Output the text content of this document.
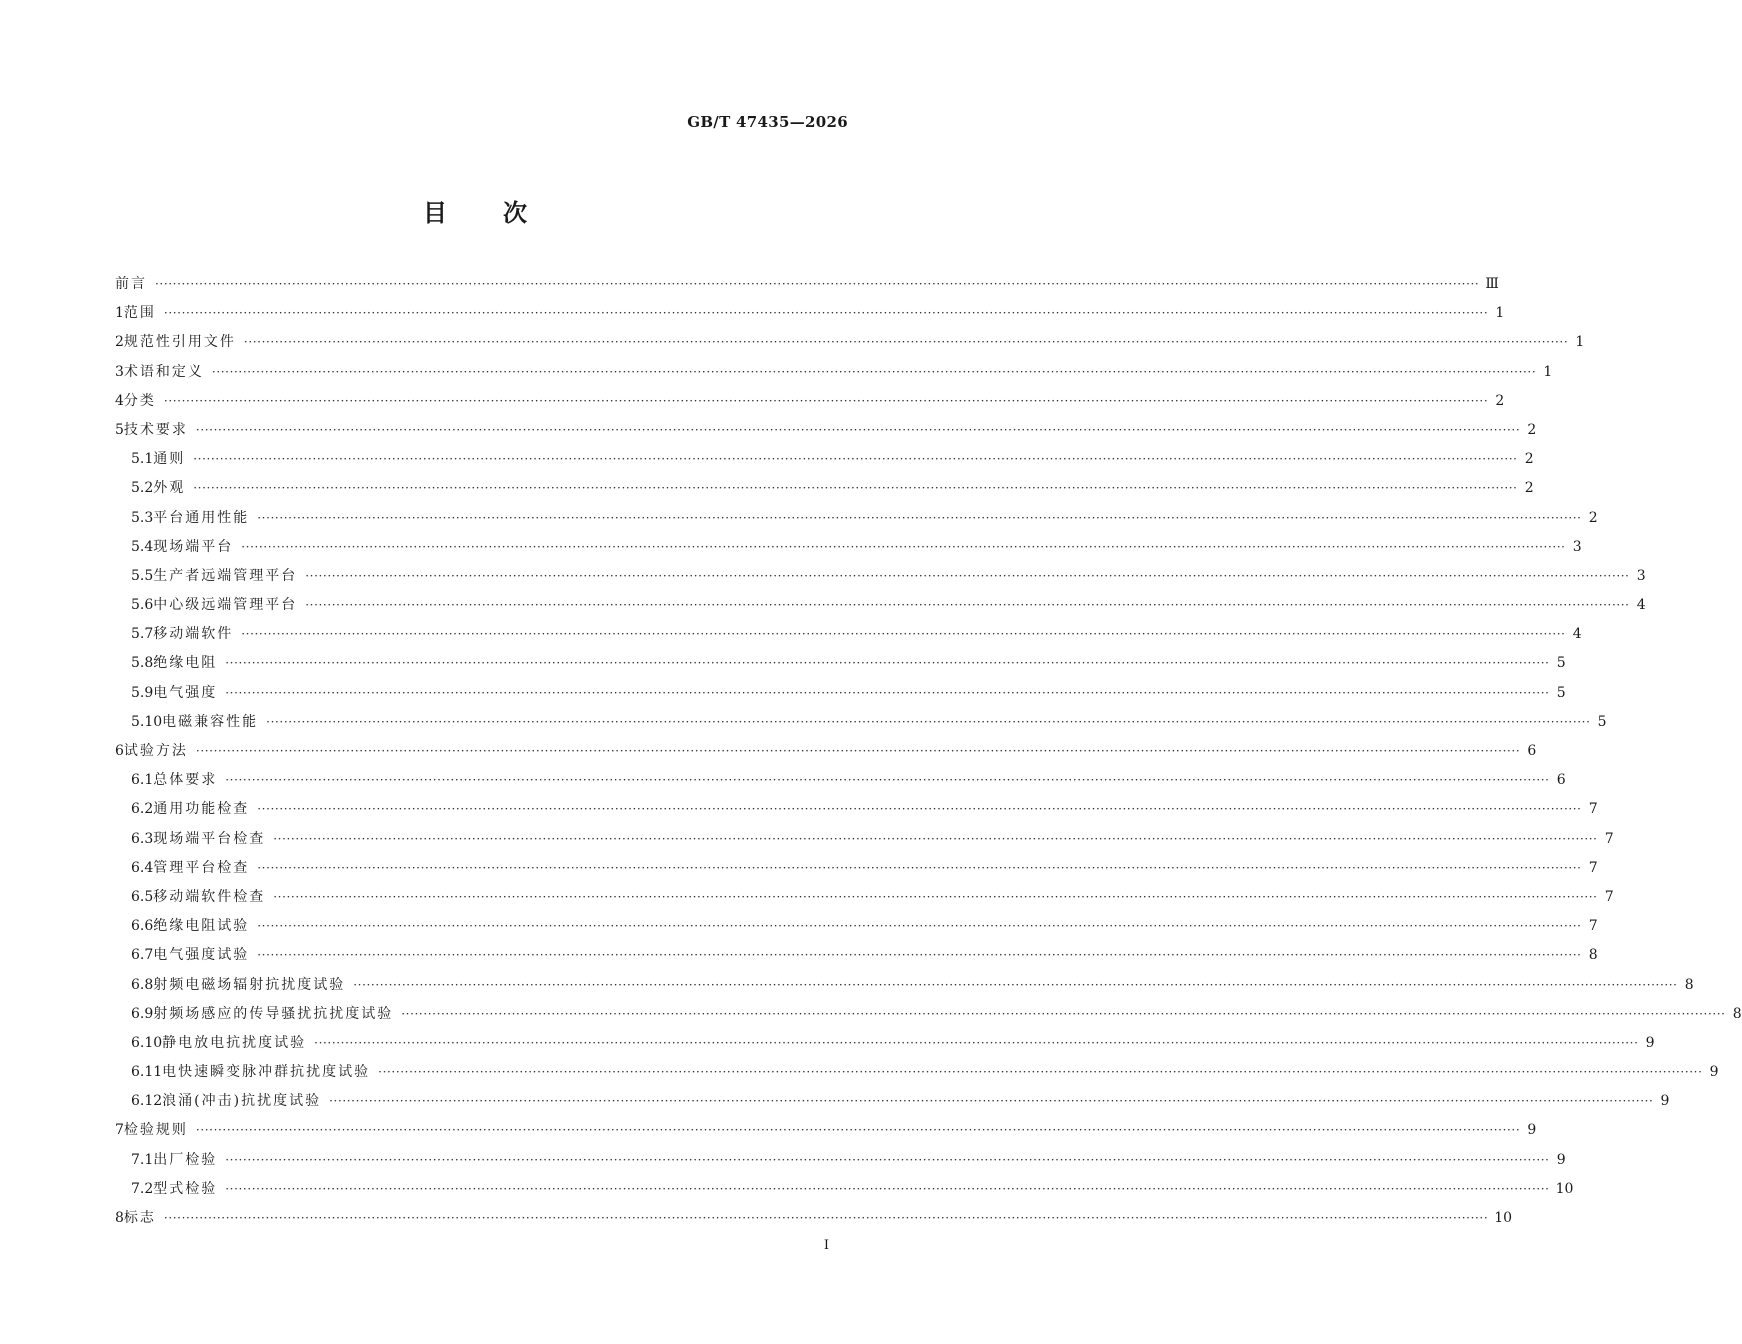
GB/T 47435—2026
目 次
前言 ············································································································································································································································································································ Ⅲ
1 范围 ············································································································································································································································································································ 1
2 规范性引用文件 ············································································································································································································································································································ 1
3 术语和定义 ············································································································································································································································································································ 1
4 分类 ············································································································································································································································································································ 2
5 技术要求 ············································································································································································································································································································ 2
5.1 通则 ············································································································································································································································································································ 2
5.2 外观 ············································································································································································································································································································ 2
5.3 平台通用性能 ············································································································································································································································································································ 2
5.4 现场端平台 ············································································································································································································································································································ 3
5.5 生产者远端管理平台 ············································································································································································································································································································ 3
5.6 中心级远端管理平台 ············································································································································································································································································································ 4
5.7 移动端软件 ············································································································································································································································································································ 4
5.8 绝缘电阻 ············································································································································································································································································································ 5
5.9 电气强度 ············································································································································································································································································································ 5
5.10 电磁兼容性能 ············································································································································································································································································································ 5
6 试验方法 ············································································································································································································································································································ 6
6.1 总体要求 ············································································································································································································································································································ 6
6.2 通用功能检查 ············································································································································································································································································································ 7
6.3 现场端平台检查 ············································································································································································································································································································ 7
6.4 管理平台检查 ············································································································································································································································································································ 7
6.5 移动端软件检查 ············································································································································································································································································································ 7
6.6 绝缘电阻试验 ············································································································································································································································································································ 7
6.7 电气强度试验 ············································································································································································································································································································ 8
6.8 射频电磁场辐射抗扰度试验 ············································································································································································································································································································ 8
6.9 射频场感应的传导骚扰抗扰度试验 ············································································································································································································································································································ 8
6.10 静电放电抗扰度试验 ············································································································································································································································································································ 9
6.11 电快速瞬变脉冲群抗扰度试验 ············································································································································································································································································································ 9
6.12 浪涌(冲击)抗扰度试验 ············································································································································································································································································································ 9
7 检验规则 ············································································································································································································································································································ 9
7.1 出厂检验 ············································································································································································································································································································ 9
7.2 型式检验 ············································································································································································································································································································ 10
8 标志 ············································································································································································································································································································ 10
I
